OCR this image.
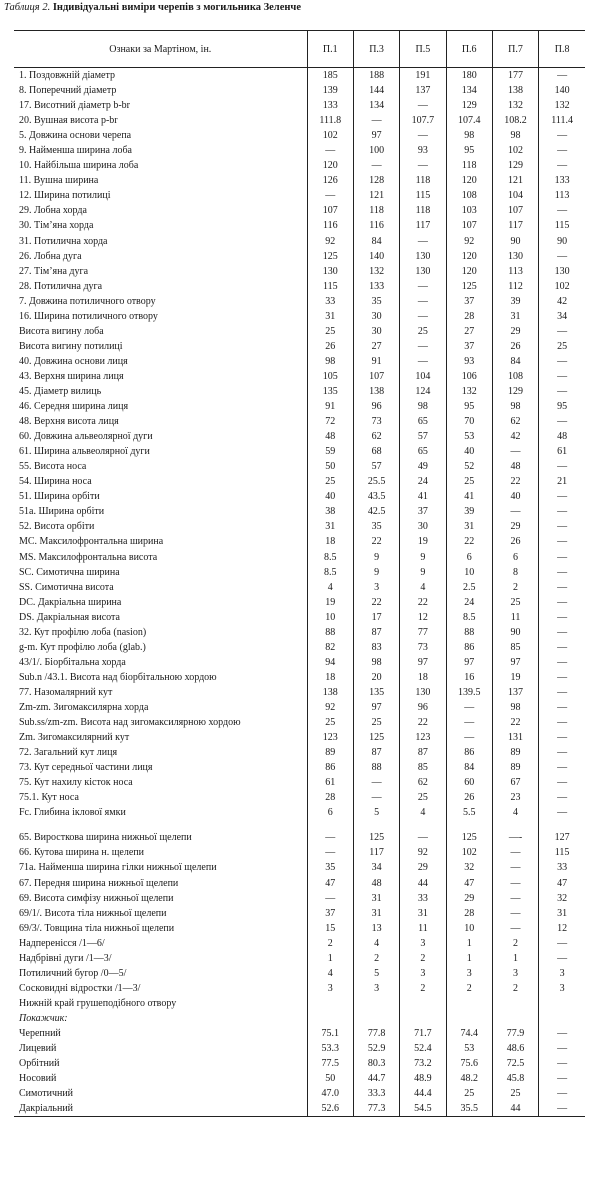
Таблиця 2. Індивідуальні виміри черепів з могильника Зеленче
Ознаки за Мартіном, ін.	П.1	П.3	П.5	П.6	П.7	П.8
1. Поздовжній діаметр	185	188	191	180	177	—
8. Поперечний діаметр	139	144	137	134	138	140
17. Висотний діаметр b-br	133	134	—	129	132	132
20. Вушная висота p-br	111.8	—	107.7	107.4	108.2	111.4
5. Довжина основи черепа	102	97	—	98	98	—
9. Найменша ширина лоба	—	100	93	95	102	—
10. Найбільша ширина лоба	120	—	—	118	129	—
11. Вушна ширина	126	128	118	120	121	133
12. Ширина потилиці	—	121	115	108	104	113
29. Лобна хорда	107	118	118	103	107	—
30. Тім’яна хорда	116	116	117	107	117	115
31. Потилична хорда	92	84	—	92	90	90
26. Лобна дуга	125	140	130	120	130	—
27. Тім’яна дуга	130	132	130	120	113	130
28. Потилична дуга	115	133	—	125	112	102
7. Довжина потиличного отвору	33	35	—	37	39	42
16. Ширина потиличного отвору	31	30	—	28	31	34
Висота вигину лоба	25	30	25	27	29	—
Висота вигину потилиці	26	27	—	37	26	25
40. Довжина основи лиця	98	91	—	93	84	—
43. Верхня ширина лиця	105	107	104	106	108	—
45. Діаметр вилиць	135	138	124	132	129	—
46. Середня ширина лиця	91	96	98	95	98	95
48. Верхня висота лиця	72	73	65	70	62	—
60. Довжина альвеолярної дуги	48	62	57	53	42	48
61. Ширина альвеолярної дуги	59	68	65	40	—	61
55. Висота носа	50	57	49	52	48	—
54. Ширина носа	25	25.5	24	25	22	21
51. Ширина орбіти	40	43.5	41	41	40	—
51а. Ширина орбіти	38	42.5	37	39	—	—
52. Висота орбіти	31	35	30	31	29	—
MC. Максилофронтальна ширина	18	22	19	22	26	—
MS. Максилофронтальна висота	8.5	9	9	6	6	—
SC. Симотична ширина	8.5	9	9	10	8	—
SS. Симотична висота	4	3	4	2.5	2	—
DC. Дакріальна ширина	19	22	22	24	25	—
DS. Дакріальная висота	10	17	12	8.5	11	—
32. Кут профілю лоба (nasion)	88	87	77	88	90	—
g-m. Кут профілю лоба (glab.)	82	83	73	86	85	—
43/1/. Біорбітальна хорда	94	98	97	97	97	—
Sub.n /43.1. Висота над біорбітальною хордою	18	20	18	16	19	—
77. Назомалярний кут	138	135	130	139.5	137	—
Zm-zm. Зигомаксилярна хорда	92	97	96	—	98	—
Sub.ss/zm-zm. Висота над зигомаксилярною хордою	25	25	22	—	22	—
Zm. Зигомаксилярний кут	123	125	123	—	131	—
72. Загальний кут лиця	89	87	87	86	89	—
73. Кут середньої частини лиця	86	88	85	84	89	—
75. Кут нахилу кісток носа	61	—	62	60	67	—
75.1. Кут носа	28	—	25	26	23	—
Fc. Глибина іклової ямки	6	5	4	5.5	4	—

65. Виросткова ширина нижньої щелепи	—	125	—	125	—-	127
66. Кутова ширина н. щелепи	—	117	92	102	—	115
71а. Найменша ширина гілки нижньої щелепи	35	34	29	32	—	33
67. Передня ширина нижньої щелепи	47	48	44	47	—	47
69. Висота симфізу нижньої щелепи	—	31	33	29	—	32
69/1/. Висота тіла нижньої щелепи	37	31	31	28	—	31
69/3/. Товщина тіла нижньої щелепи	15	13	11	10	—	12
Надперенісся /1—6/	2	4	3	1	2	—
Надбрівні дуги /1—3/	1	2	2	1	1	—
Потиличний бугор /0—5/	4	5	3	3	3	3
Сосковидні відростки /1—3/	3	3	2	2	2	3
Нижній край грушеподібного отвору						
Покажчик:						
Черепний	75.1	77.8	71.7	74.4	77.9	—
Лицевий	53.3	52.9	52.4	53	48.6	—
Орбітний	77.5	80.3	73.2	75.6	72.5	—
Носовий	50	44.7	48.9	48.2	45.8	—
Симотичний	47.0	33.3	44.4	25	25	—
Дакріальний	52.6	77.3	54.5	35.5	44	—
